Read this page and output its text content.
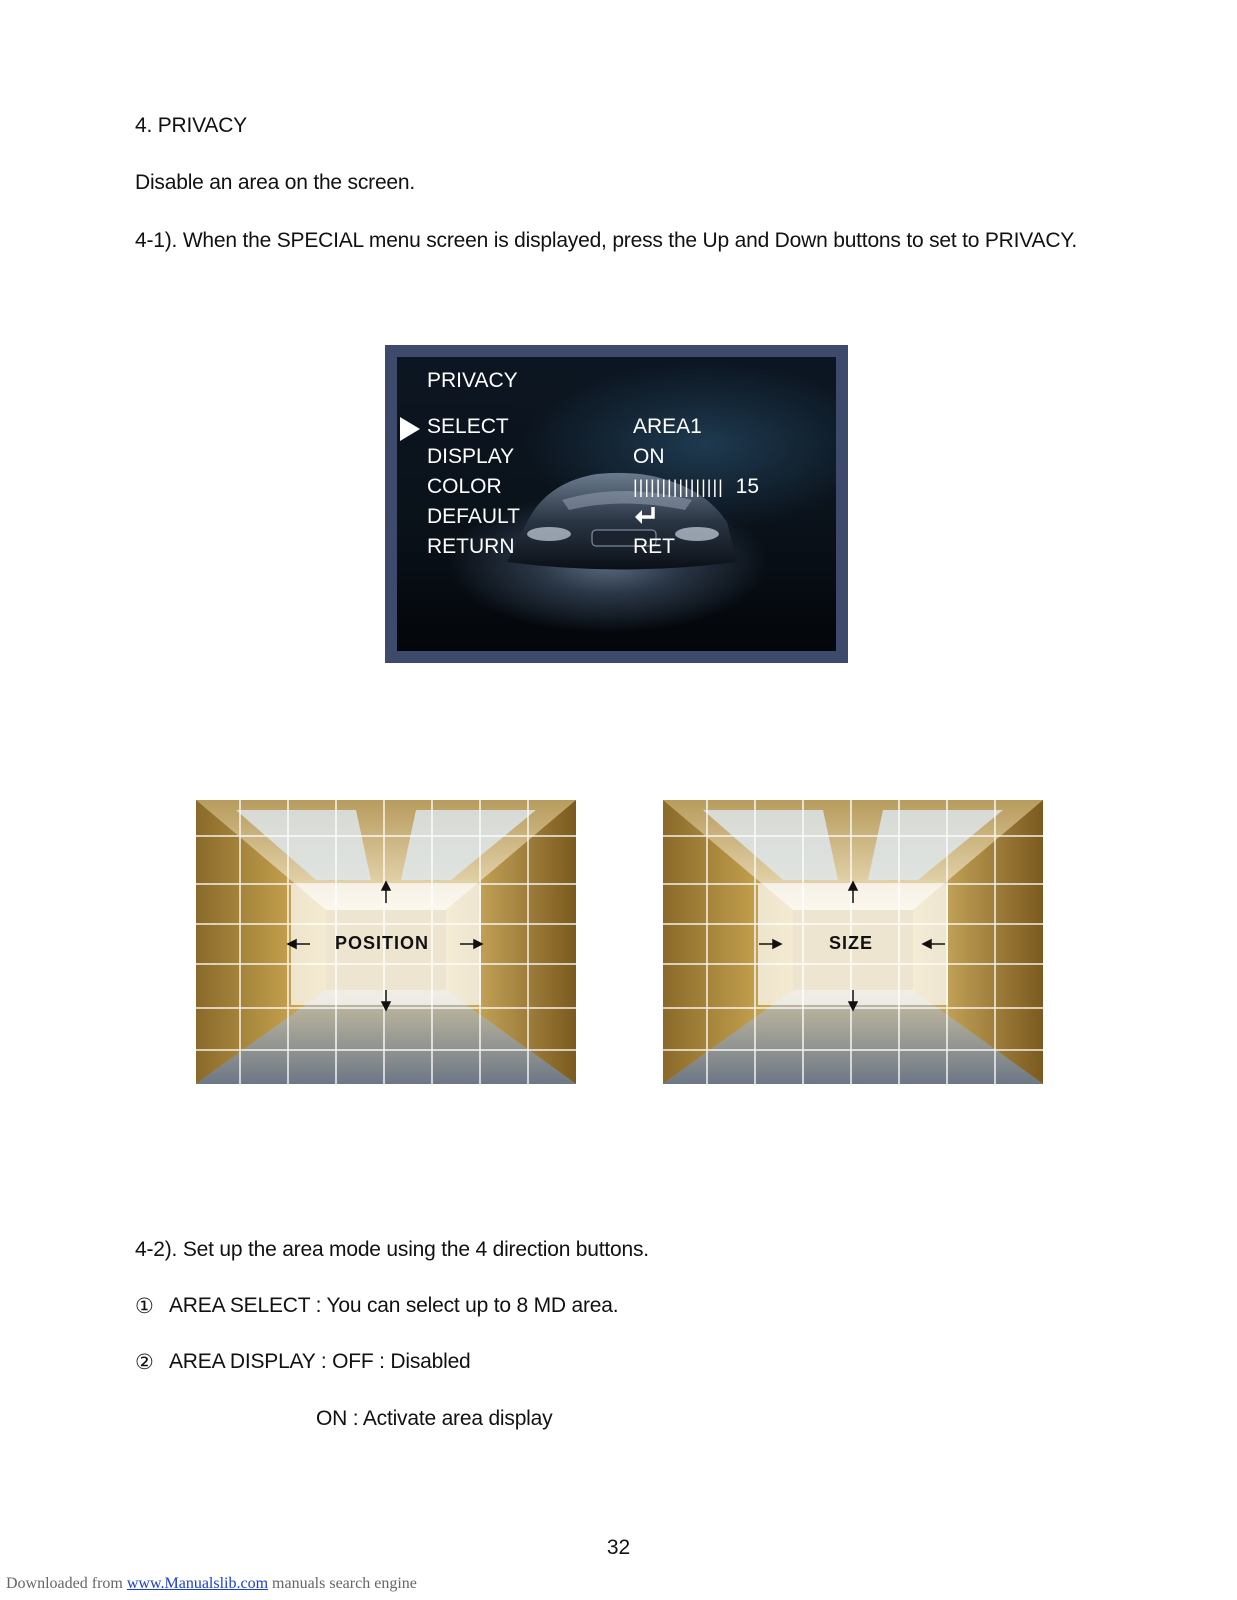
4. PRIVACY
Disable an area on the screen.
4-1). When the SPECIAL menu screen is displayed, press the Up and Down buttons to set to PRIVACY.
PRIVACY
SELECT	AREA1
DISPLAY	ON
COLOR	|||||||||||||||| 15
DEFAULT
RETURN	RET
POSITION	SIZE
4-2). Set up the area mode using the 4 direction buttons.
① AREA SELECT : You can select up to 8 MD area.
② AREA DISPLAY : OFF : Disabled
ON : Activate area display
32
Downloaded from www.Manualslib.com manuals search engine
